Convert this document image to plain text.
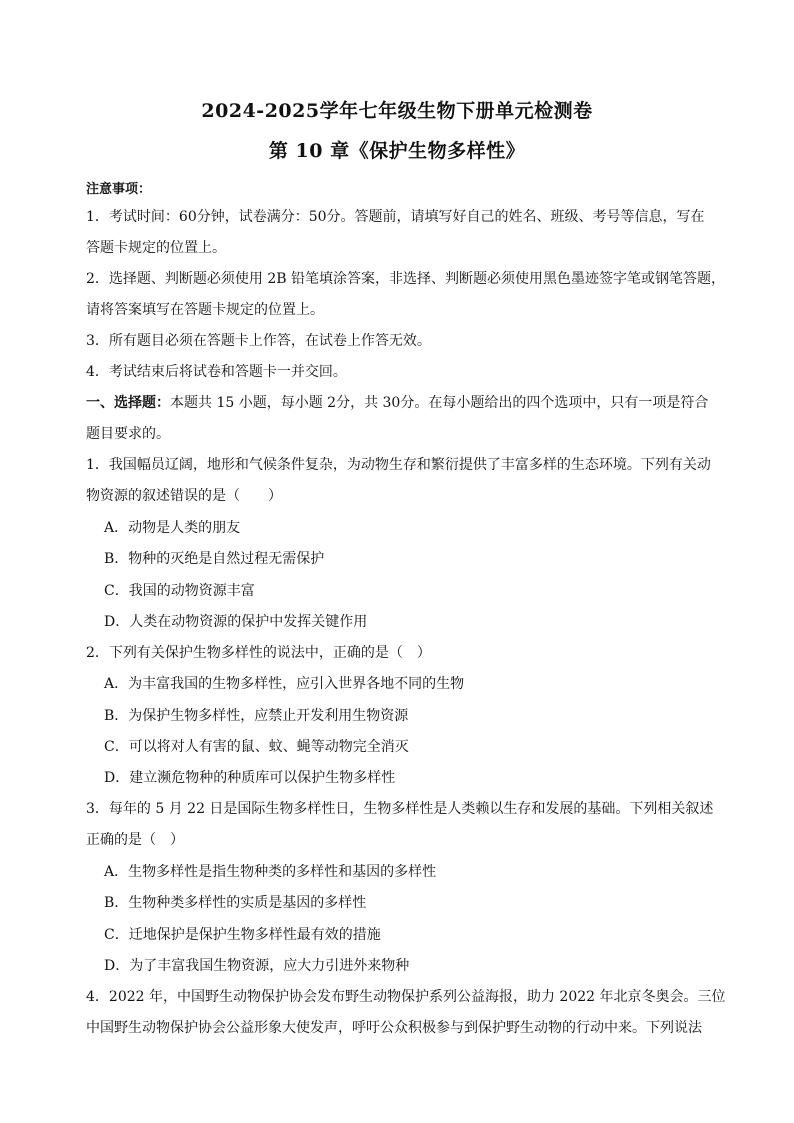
2024-2025学年七年级生物下册单元检测卷
第 10 章《保护生物多样性》
注意事项：
1．考试时间：60分钟，试卷满分：50分。答题前，请填写好自己的姓名、班级、考号等信息，写在
答题卡规定的位置上。
2．选择题、判断题必须使用 2B 铅笔填涂答案，非选择、判断题必须使用黑色墨迹签字笔或钢笔答题，
请将答案填写在答题卡规定的位置上。
3．所有题目必须在答题卡上作答，在试卷上作答无效。
4．考试结束后将试卷和答题卡一并交回。
一、选择题：本题共 15 小题，每小题 2分，共 30分。在每小题给出的四个选项中，只有一项是符合
题目要求的。
1．我国幅员辽阔，地形和气候条件复杂，为动物生存和繁衍提供了丰富多样的生态环境。下列有关动
物资源的叙述错误的是（　　）
A．动物是人类的朋友
B．物种的灭绝是自然过程无需保护
C．我国的动物资源丰富
D．人类在动物资源的保护中发挥关键作用
2．下列有关保护生物多样性的说法中，正确的是（　）
A．为丰富我国的生物多样性，应引入世界各地不同的生物
B．为保护生物多样性，应禁止开发利用生物资源
C．可以将对人有害的鼠、蚊、蝇等动物完全消灭
D．建立濒危物种的种质库可以保护生物多样性
3．每年的 5 月 22 日是国际生物多样性日，生物多样性是人类赖以生存和发展的基础。下列相关叙述
正确的是（　）
A．生物多样性是指生物种类的多样性和基因的多样性
B．生物种类多样性的实质是基因的多样性
C．迁地保护是保护生物多样性最有效的措施
D．为了丰富我国生物资源，应大力引进外来物种
4．2022 年，中国野生动物保护协会发布野生动物保护系列公益海报，助力 2022 年北京冬奥会。三位
中国野生动物保护协会公益形象大使发声，呼吁公众积极参与到保护野生动物的行动中来。下列说法
